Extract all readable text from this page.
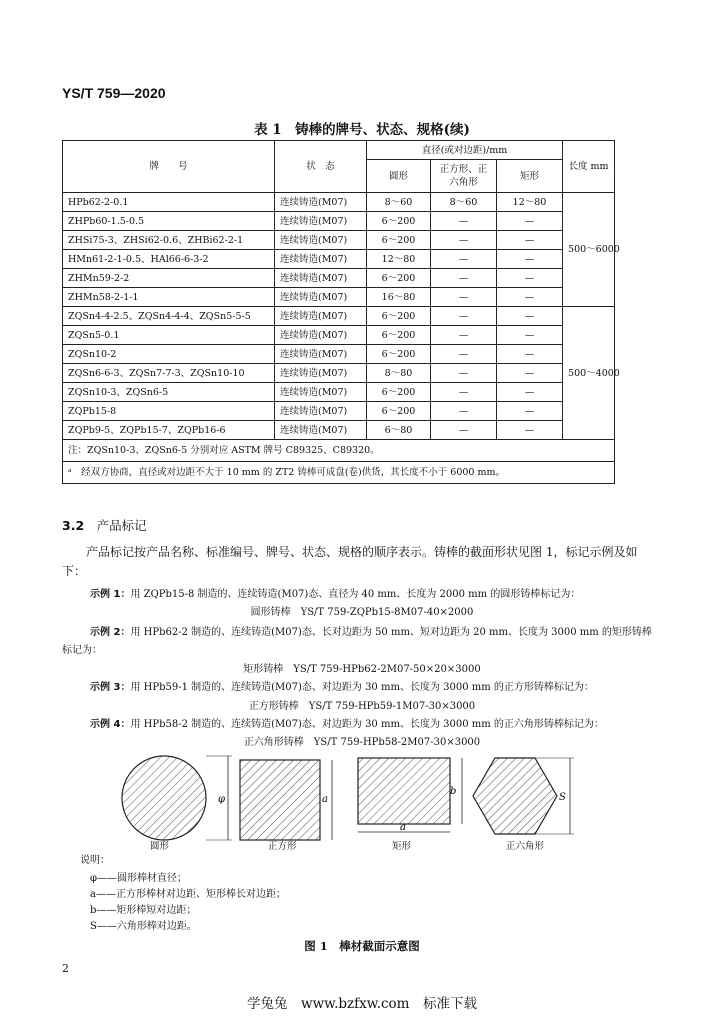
YS/T 759—2020
表 1　铸棒的牌号、状态、规格(续)
牌　　号	状　态	直径(或对边距)/mm			长度 mm
		圆形	正方形、正六角形	矩形	
HPb62-2-0.1	连续铸造(M07)	8～60	8～60	12～80	500～6000
ZHPb60-1.5-0.5	连续铸造(M07)	6～200	—	—	
ZHSi75-3、ZHSi62-0.6、ZHBi62-2-1	连续铸造(M07)	6～200	—	—	
HMn61-2-1-0.5、HAl66-6-3-2	连续铸造(M07)	12～80	—	—	
ZHMn59-2-2	连续铸造(M07)	6～200	—	—	
ZHMn58-2-1-1	连续铸造(M07)	16～80	—	—	
ZQSn4-4-2.5、ZQSn4-4-4、ZQSn5-5-5	连续铸造(M07)	6～200	—	—	500～4000
ZQSn5-0.1	连续铸造(M07)	6～200	—	—	
ZQSn10-2	连续铸造(M07)	6～200	—	—	
ZQSn6-6-3、ZQSn7-7-3、ZQSn10-10	连续铸造(M07)	8～80	—	—	
ZQSn10-3、ZQSn6-5	连续铸造(M07)	6～200	—	—	
ZQPb15-8	连续铸造(M07)	6～200	—	—	
ZQPb9-5、ZQPb15-7、ZQPb16-6	连续铸造(M07)	6～80	—	—	
注：ZQSn10-3、ZQSn6-5 分别对应 ASTM 牌号 C89325、C89320。					
ᵃ　经双方协商，直径或对边距不大于 10 mm 的 ZT2 铸棒可成盘(卷)供货，其长度不小于 6000 mm。					
3.2　 产品标记
产品标记按产品名称、标准编号、牌号、状态、规格的顺序表示。铸棒的截面形状见图 1，标记示例及如下：
示例 1：用 ZQPb15-8 制造的、连续铸造(M07)态、直径为 40 mm、长度为 2000 mm 的圆形铸棒标记为：
圆形铸棒　YS/T 759-ZQPb15-8M07-40×2000
示例 2：用 HPb62-2 制造的、连续铸造(M07)态、长对边距为 50 mm、短对边距为 20 mm、长度为 3000 mm 的矩形铸棒
标记为：
矩形铸棒　YS/T 759-HPb62-2M07-50×20×3000
示例 3：用 HPb59-1 制造的、连续铸造(M07)态、对边距为 30 mm、长度为 3000 mm 的正方形铸棒标记为：
正方形铸棒　YS/T 759-HPb59-1M07-30×3000
示例 4：用 HPb58-2 制造的、连续铸造(M07)态、对边距为 30 mm、长度为 3000 mm 的正六角形铸棒标记为：
正六角形铸棒　YS/T 759-HPb58-2M07-30×3000
φ	a
b
a
S
圆形	正方形	矩形	正六角形
说明：
φ——圆形棒材直径；
a——正方形棒材对边距、矩形棒长对边距；
b——矩形棒短对边距；
S——六角形棒对边距。
图 1　棒材截面示意图
2
学兔兔　www.bzfxw.com　标准下载
